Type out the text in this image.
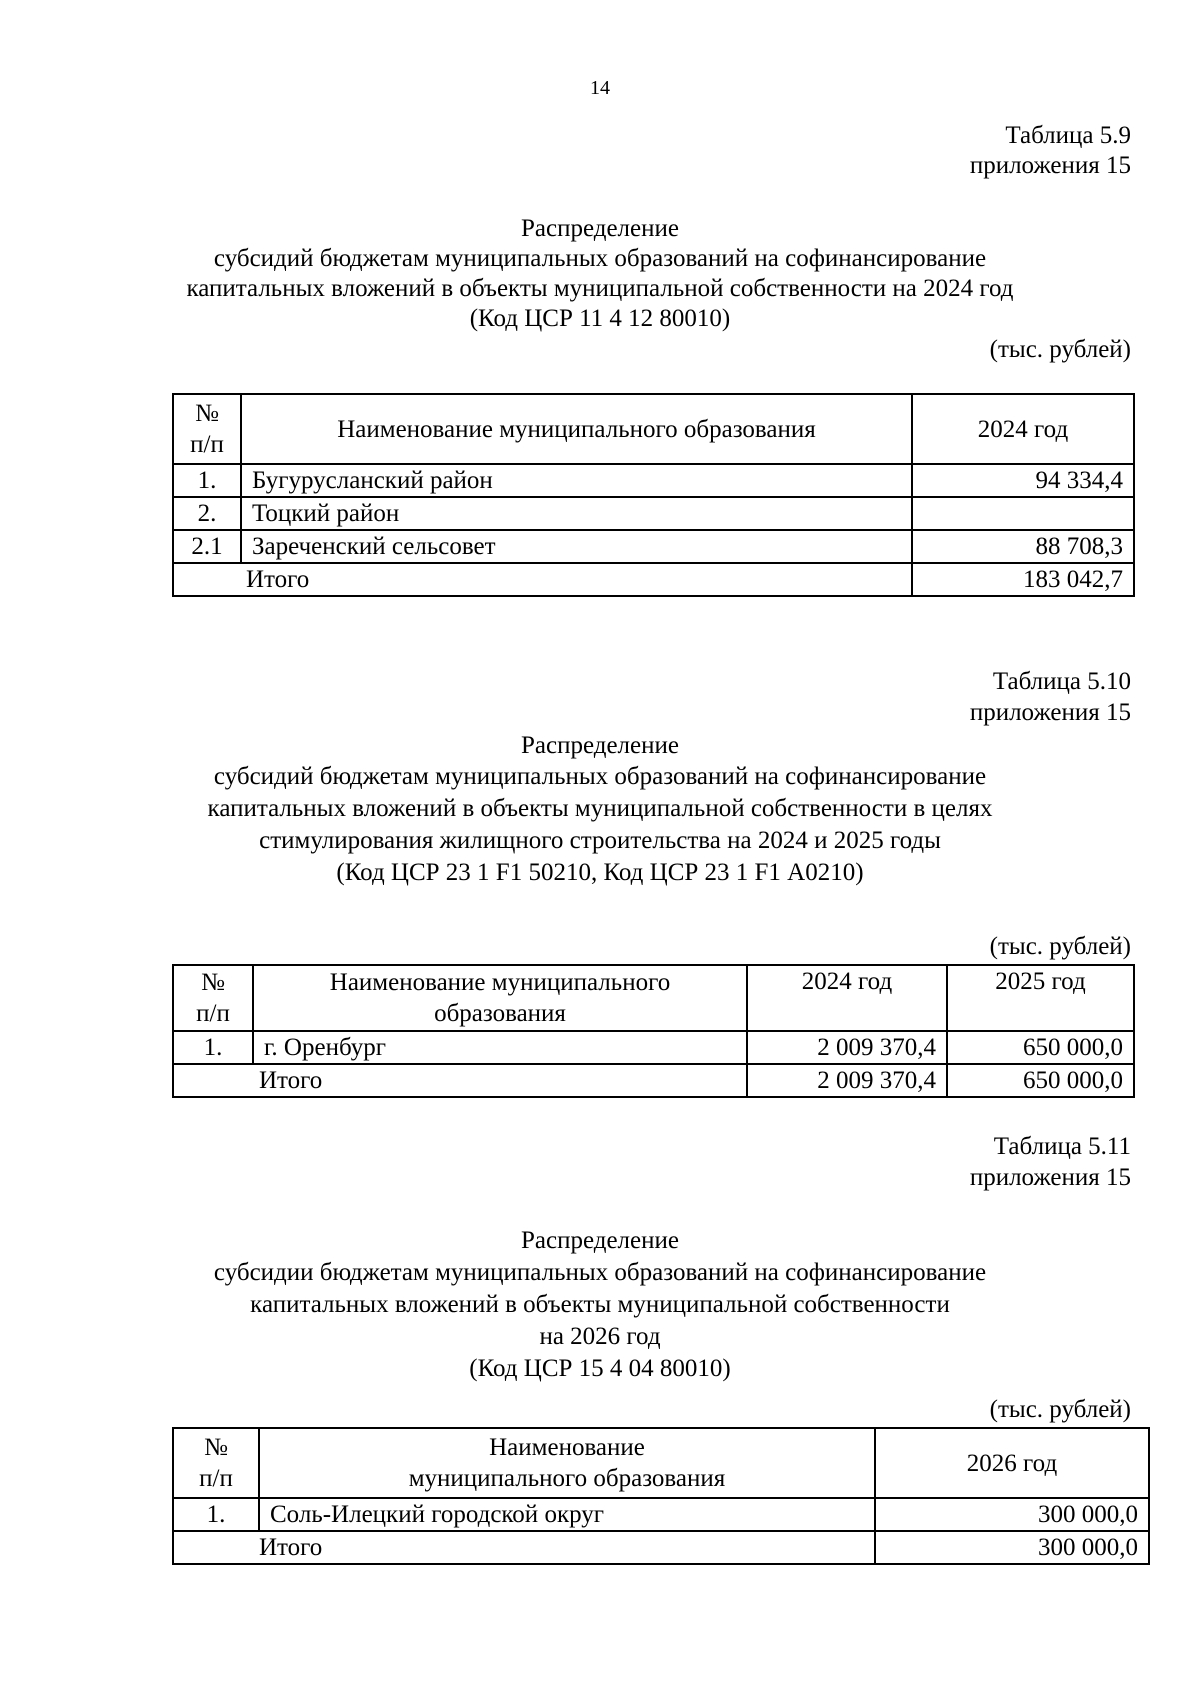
14
Таблица 5.9
приложения 15
Распределение
субсидий бюджетам муниципальных образований на софинансирование
капитальных вложений в объекты муниципальной собственности на 2024 год
(Код ЦСР 11 4 12 80010)
(тыс. рублей)
№
п/п	Наименование муниципального образования	2024 год
1.	Бугурусланский район	94 334,4
2.	Тоцкий район	
2.1	Зареченский сельсовет	88 708,3
Итого		183 042,7
Таблица 5.10
приложения 15
Распределение
субсидий бюджетам муниципальных образований на софинансирование
капитальных вложений в объекты муниципальной собственности в целях
стимулирования жилищного строительства на 2024 и 2025 годы
(Код ЦСР 23 1 F1 50210, Код ЦСР 23 1 F1 А0210)
(тыс. рублей)
№
п/п	Наименование муниципального
образования	2024 год	2025 год
1.	г. Оренбург	2 009 370,4	650 000,0
Итого		2 009 370,4	650 000,0
Таблица 5.11
приложения 15
Распределение
субсидии бюджетам муниципальных образований на софинансирование
капитальных вложений в объекты муниципальной собственности
на 2026 год
(Код ЦСР 15 4 04 80010)
(тыс. рублей)
№
п/п	Наименование
муниципального образования	2026 год
1.	Соль-Илецкий городской округ	300 000,0
Итого		300 000,0
